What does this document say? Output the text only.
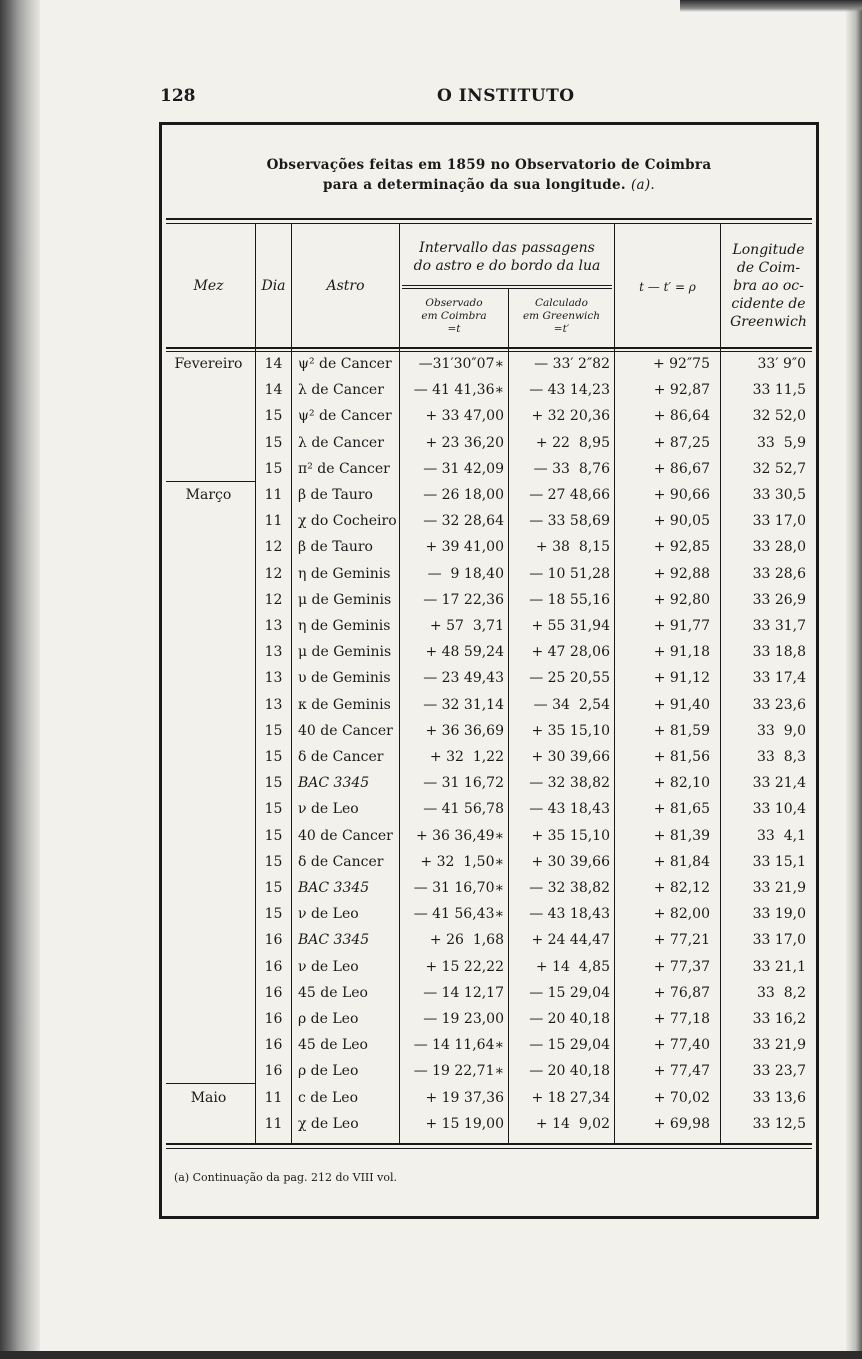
128	O INSTITUTO
Observações feitas em 1859 no Observatorio de Coimbra
para a determinação da sua longitude. (a).
Mez	Dia	Astro
Intervallo das passagens
do astro e do bordo da lua
Observado
em Coimbra
=t
Calculado
em Greenwich
=t′
t — t′ = ρ
Longitude
de Coim-
bra ao oc-
cidente de
Greenwich
Fevereiro	14	ψ² de Cancer	—31′30″07∗	— 33′ 2″82	+ 92″75	33′ 9″0
14	λ de Cancer	— 41 41,36∗	— 43 14,23	+ 92,87	33 11,5
15	ψ² de Cancer	+ 33 47,00	+ 32 20,36	+ 86,64	32 52,0
15	λ de Cancer	+ 23 36,20	+ 22  8,95	+ 87,25	33  5,9
15	π² de Cancer	— 31 42,09	— 33  8,76	+ 86,67	32 52,7
Março	11	β de Tauro	— 26 18,00	— 27 48,66	+ 90,66	33 30,5
11	χ do Cocheiro	— 32 28,64	— 33 58,69	+ 90,05	33 17,0
12	β de Tauro	+ 39 41,00	+ 38  8,15	+ 92,85	33 28,0
12	η de Geminis	—  9 18,40	— 10 51,28	+ 92,88	33 28,6
12	μ de Geminis	— 17 22,36	— 18 55,16	+ 92,80	33 26,9
13	η de Geminis	+ 57  3,71	+ 55 31,94	+ 91,77	33 31,7
13	μ de Geminis	+ 48 59,24	+ 47 28,06	+ 91,18	33 18,8
13	υ de Geminis	— 23 49,43	— 25 20,55	+ 91,12	33 17,4
13	κ de Geminis	— 32 31,14	— 34  2,54	+ 91,40	33 23,6
15	40 de Cancer	+ 36 36,69	+ 35 15,10	+ 81,59	33  9,0
15	δ de Cancer	+ 32  1,22	+ 30 39,66	+ 81,56	33  8,3
15	BAC 3345	— 31 16,72	— 32 38,82	+ 82,10	33 21,4
15	ν de Leo	— 41 56,78	— 43 18,43	+ 81,65	33 10,4
15	40 de Cancer	+ 36 36,49∗	+ 35 15,10	+ 81,39	33  4,1
15	δ de Cancer	+ 32  1,50∗	+ 30 39,66	+ 81,84	33 15,1
15	BAC 3345	— 31 16,70∗	— 32 38,82	+ 82,12	33 21,9
15	ν de Leo	— 41 56,43∗	— 43 18,43	+ 82,00	33 19,0
16	BAC 3345	+ 26  1,68	+ 24 44,47	+ 77,21	33 17,0
16	ν de Leo	+ 15 22,22	+ 14  4,85	+ 77,37	33 21,1
16	45 de Leo	— 14 12,17	— 15 29,04	+ 76,87	33  8,2
16	ρ de Leo	— 19 23,00	— 20 40,18	+ 77,18	33 16,2
16	45 de Leo	— 14 11,64∗	— 15 29,04	+ 77,40	33 21,9
16	ρ de Leo	— 19 22,71∗	— 20 40,18	+ 77,47	33 23,7
Maio	11	c de Leo	+ 19 37,36	+ 18 27,34	+ 70,02	33 13,6
11	χ de Leo	+ 15 19,00	+ 14  9,02	+ 69,98	33 12,5
(a) Continuação da pag. 212 do VIII vol.
